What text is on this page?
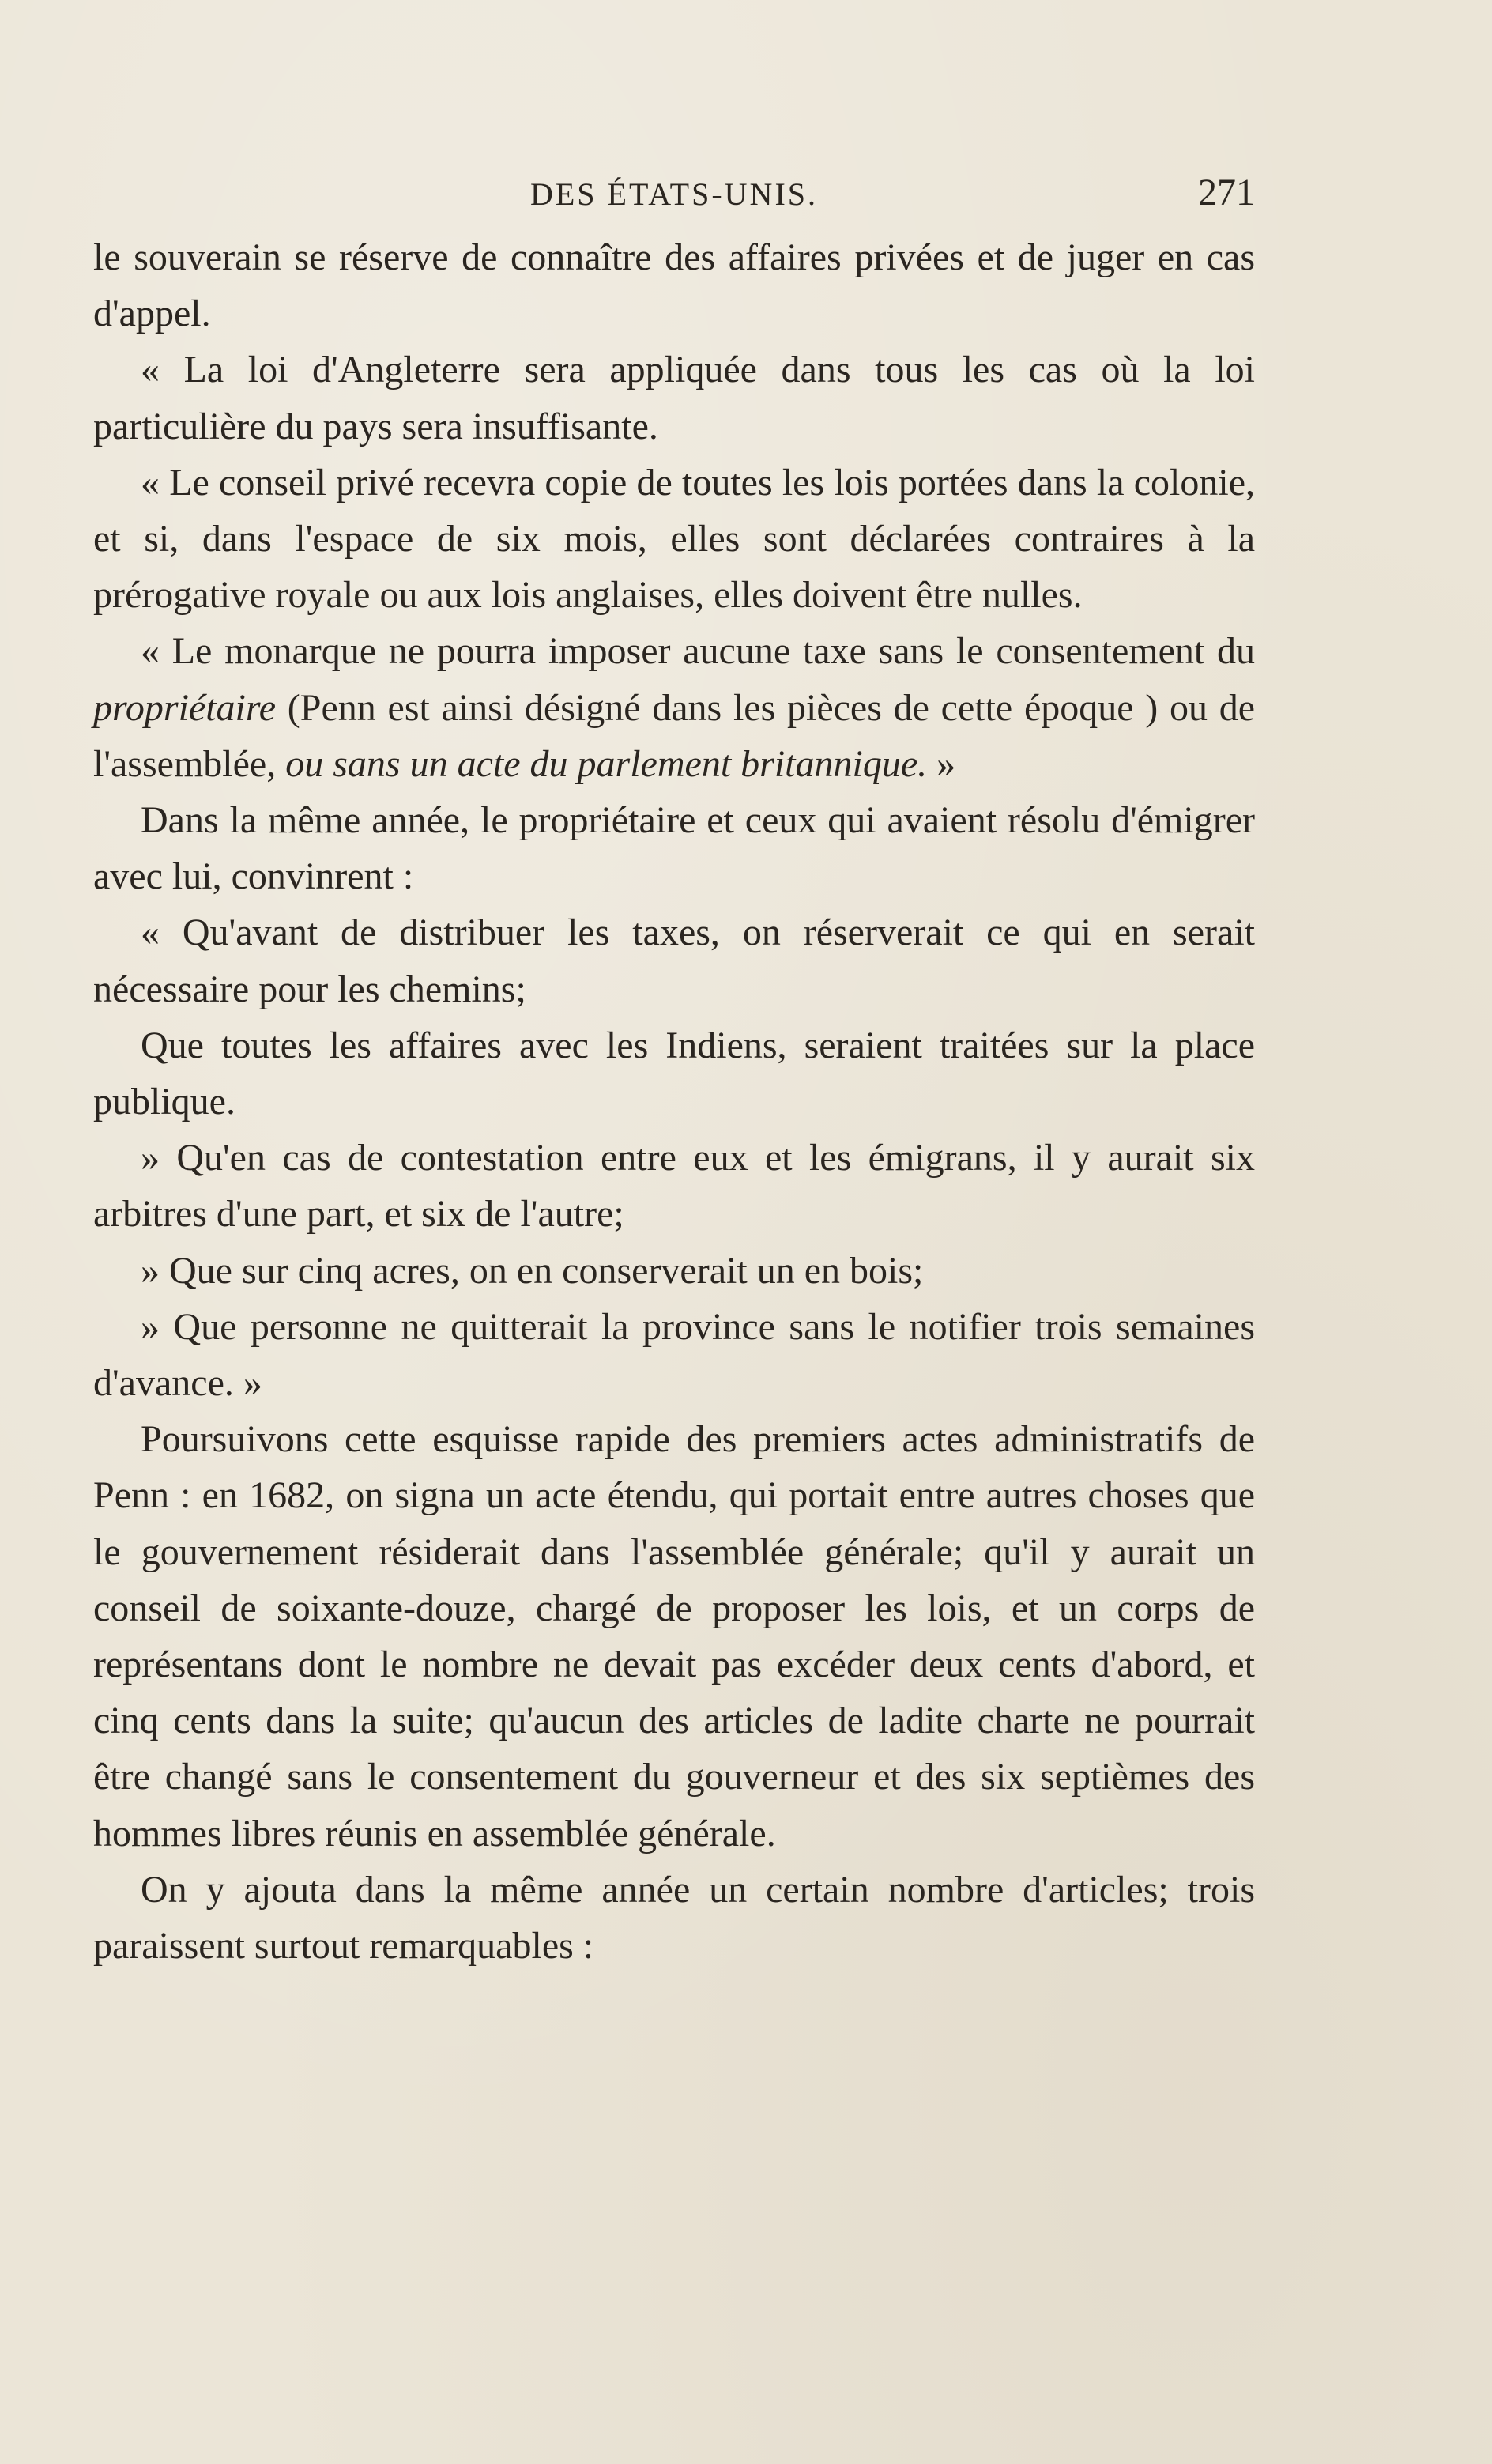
DES ÉTATS-UNIS.	271

le souverain se réserve de connaître des affaires privées et de juger en cas d'appel.

« La loi d'Angleterre sera appliquée dans tous les cas où la loi particulière du pays sera insuffisante.

« Le conseil privé recevra copie de toutes les lois portées dans la colonie, et si, dans l'espace de six mois, elles sont déclarées contraires à la prérogative royale ou aux lois anglaises, elles doivent être nulles.

« Le monarque ne pourra imposer aucune taxe sans le consentement du propriétaire (Penn est ainsi désigné dans les pièces de cette époque ) ou de l'assemblée, ou sans un acte du parlement britannique. »

Dans la même année, le propriétaire et ceux qui avaient résolu d'émigrer avec lui, convinrent :

« Qu'avant de distribuer les taxes, on réserverait ce qui en serait nécessaire pour les chemins;

Que toutes les affaires avec les Indiens, seraient traitées sur la place publique.

» Qu'en cas de contestation entre eux et les émigrans, il y aurait six arbitres d'une part, et six de l'autre;

» Que sur cinq acres, on en conserverait un en bois;

» Que personne ne quitterait la province sans le notifier trois semaines d'avance. »

Poursuivons cette esquisse rapide des premiers actes administratifs de Penn : en 1682, on signa un acte étendu, qui portait entre autres choses que le gouvernement résiderait dans l'assemblée générale; qu'il y aurait un conseil de soixante-douze, chargé de proposer les lois, et un corps de représentans dont le nombre ne devait pas excéder deux cents d'abord, et cinq cents dans la suite; qu'aucun des articles de ladite charte ne pourrait être changé sans le consentement du gouverneur et des six septièmes des hommes libres réunis en assemblée générale.

On y ajouta dans la même année un certain nombre d'articles; trois paraissent surtout remarquables :
